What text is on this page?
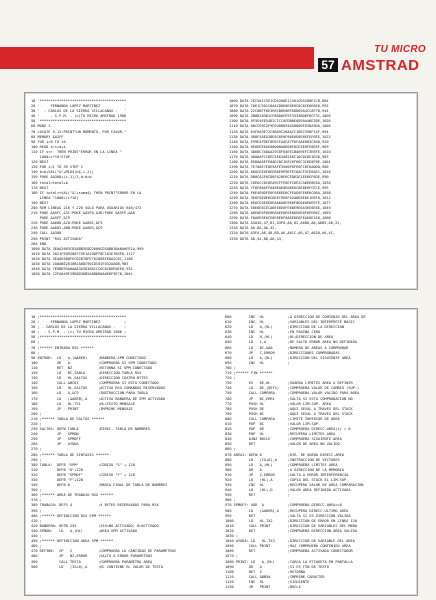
TU MICRO
57 AMSTRAD
10 '****************************************
20 '     FERNANDO LOPEZ MARTINEZ           '
30 '  - CARLOS DE LA SIERRA VILLACANAS -   '
40 '     - S.P.M. - (c)TU MICRO AMSTRAD 1986
50 '****************************************
60 MODE 1
70 LOCATE 9,12:PRINT"UN MOMENTO, POR FAVOR."
80 MEMORY &A2FF
90 FOR i=0 TO 10
100 READ a:s=a+s
110 IF s<>  THEN PRINT"ERROR EN LA LINEA "
1000+i*10:STOP
120 NEXT
130 FOR i=1 TO 39 STEP 2
140 b=b+VAL("&"+MID$(b$,i,2))
150 POKE &A300+(i-1)/2,b:b=b
160 total=total+b
170 NEXT
180 IF total<>VAL("&"+suma$) THEN PRINT"ERROR EN LA
LINEA "1000+(i*10)
190 NEXT
200 REM LINEAS 210 Y 220 SOLO PARA USUARIOS 646/472
210 POKE &A5FC,&3C:POKE &A5FD,&3B:POKE &A5FE,&A6
POKE &A5FF,&C9
220 POKE &A600,&CD:POKE &A601,&F3
230 POKE &A602,&BB:POKE &A603,&C9
240 CALL &A300
250 PRINT "RSX ACTIVADA"
260 END
1000 DATA 3E0A2603CD5ABB3E0D2600CD5ABB1BA6A0FE1A,999
1010 DATA 2821FE092007C5E1A1D0FF0C181E7B3FD,1117
1020 DATA 3EA0E680FECD2878FE702808FE8A2C8C,1188
1030 DATA 2A0ABE2010B2A0DC90CDC01F032AA0B,985
1040 DATA 7EDBD93A0A0A3A3D30ACCC6C6C86E0EE0,932
1050 DATA C2FA049F29D8D36B5A8D6D0A6E6F9E78,1041
1060 DATA 2EC501C5E1CD5200E1C501CD5200E1CB,884
1070 DATA C0E1C501C6A4CD0E0E0E0C6C6CE6E6E6,992
1080 DATA 22C0BFF6E3E6CB6E6BF6DD69A4CCAF7D,944
1090 DATA 2B8D28381CF8DDAFE9F3333BD6F6CF3C,1005
1100 DATA 5F5E4EE54D2C1CCAFDB0E6D9AA46E2BE,1026
1110 DATA 00CCE0C2F9F04D6D94A58800F63DA3DA,1004
1120 DATA 64F6A9E72C5BA9C26AACC1DEC59DF15F,994
1130 DATA 4D8F5AEA38E0C6E6F86E6E6E6EFEF6EE,1022
1140 DATA E99E4FDEF0E6CFAAFA7F6FAAE6D3C500,920
1150 DATA 6E6EEE6AE00000A6D00F8CE3E6FE6E6F,969
1160 DATA 4D60C7A0AA29C8F64EE1BA69EFC3E6FE,1010
1170 DATA 48A6AFCC6EC5E63A82E6C16C0C6E1D36,983
1180 DATA 85D0A0EFE0AD70C1E6C6F66C3C6E0F8E,1001
1190 DATA 7E7A6E7E0E5AFE3500F6FE6FC6F6A0D0,986
1200 DATA 68ACEE0F6EE86E9E9EFEC6ACF3CE6AE1,1016
1210 DATA DB0CA2F6CD6FA20E6CED62E1EE6EF6DE,990
1220 DATA C6E6CC0C6EA9CFFE6EFC6E2CA6EE6E6A,1034
1230 DATA 7F6F06AFF6A9EAE0E06E6C6E8E6FCECE,995
1240 DATA F6E4E6DFE6F0E6EE6CFEAE6FE6E6C06A,1058
1250 DATA 3E6F6E0E6C6EEC9E6FA2A8E6E6E1E6F6,1012
1260 DATA 6E6CE6E6E6EA66A6E9E6F6E6E6E6EEFE,1077
1270 DATA E0E6E6CECA6EE6E6FE66E9E6A3EE6E6E,1049
1280 DATA A6E6E6F6E6E6AEE6E0E06E6E6F6EE66C,1063
1290 DATA F6A6E6E6CE6F6E6F0AEE6E6FEAE6E1E6,1068
1300 DATA A3A3A,47,81,A3F0,A6,82,A6D0,A6,A685,A6,31,
1310 DATA A6,6A,A6,42,
1320 DATA A3FA,A6,48,8D,A6,A61C,A6,A7,A620,A6,4C,
1330 DATA A6,44,8D,A6,43,
10 ;****************************************
20 ;     FERNANDO LOPEZ MARTINEZ           ;
30 ; - CARLOS DE LA SIERRA VILLACANAS -    ;
40 ;  - S.P.M. - (c) TU MICRO AMSTRAD 1986 ;
50 ;****************************************
60 ;
70 ;****** ENTRADA RSX ******
80 ;
90 ENTRAR:  LD   A,(&A6EB)     ;BANDERA SPM CONECTADO
100         OR   A             ;COMPRUEBA SI SPM CONECTADO
110         RET  NZ            ;RETORNA SI SPM CONECTADO
120         LD   BC,TABLA      ;DIRECCION TABLA RSX
130         LD   HL,SALTOS     ;DIRECCION CUATRO BYTES
140         CALL &BCD1         ;COMPRUEBA SI ESTA CONECTADO
150         LD   HL,SALTOS     ;ACTIVA RSX COMANDOS RESERVADOS
160         LD   A,&C9         ;INSTRUCCION PARA TABLA
170         LD   (&A6EB),A     ;ACTIVA BANDERA DE SPM ACTIVADO
180         LD   HL,TX1        ;HL=TEXTO MENSAJE
190         JP   PRINT         ;IMPRIME MENSAJE
200 ;
210 ;****** TABLA DE SALTOS ******
220 ;
230 SALTOS: DEFW TABLA         ;DIREC. TABLA DE NOMBRES
240         JP   SPMON
250         JP   SPMOFF
260         JP   AYUDA
270 ;
280 ;****** TABLA DE SINTAXIS ******
290 ;
300 TABLA:  DEFB "SPM"         ;CODIGO "S" + 128
310         DEFB "O"+128
320         DEFB "SPMOF"       ;CODIGO "F" + 128
330         DEFB "F"+128
340         DEFB 0             ;MARCA FINAL DE TABLA DE NOMBRES
350 ;
360 ;****** AREA DE TRABAJO RSX ******
370 ;
380 TRABAJO: DEFS 4            ;4 BYTES RESERVADOS PARA RSX
390 ;
400 ;****** DEFINICION RSX SPM ******
410 ;
420 BANDERA: DEFB 255          ;255=NO ACTIVADO; 0=ACTIVADO
430 SPMON:   LD   A,(HL)       ;AREA SPM ACTIVADO
440 ;
450 ;****** DEFINICION AREA SPM ******
460 ;
470 DEFINE:  CP   2            ;COMPRUEBA LA CANTIDAD DE PARAMETROS
480          JP   NZ,ERROR     ;SALTA A ERROR PARAMETROS
490          CALL TESTA        ;COMPRUEBA PARAMETRO AREA
500          LD   (IX+0),A     ;HL CONTIENE EL VALOR DE TESTA
600        INC  HL           ;A DIRECCION DE COMIENZO DEL AREA DE
610        INC  HL           ;VARIABLES DEL INTERPRETE BASIC
620        LD   A,(HL)       ;DIRECCION DE LA DIRECCION
630        INC  HL           ;EN PAGINA CERO
640        LD   H,(HL)       ;HL=DIRECCION DE AREA
650        LD   L,A          ;DE SALTO ERROR AREA NO DEFINIDA
660        LD   BC,&A6       ;NUMERO DE AREAS A COMPROBAR
670        JP   C,ERROR      ;DIRECCIONES COMPROBADAS
680        LD   A,(HL)       ;DIRECCION DEL SIGUIENTE AREA
690        INC  HL           ;
700 ;
710 ;****** FIN ******
720 ;
730        EX   DE,HL        ;GUARDA LIMITES AREA A DEFINIR
740        LD   DE,(DEF1)    ;COMPRUEBA VALOR DE CAMBIO (SUP.)
750        CALL COMPARA      ;COMPRUEBA VALOR VALIDO PARA AREA
760        JP   NC,ERR1      ;SALTA SI ESTA COMPROBACION NO
770        PUSH HL           ;VALOR LIM.SUP. AREA
780        PUSH DE           ;AQUI SEVAL A TRAVES DEL STACK
790        PUSH BC           ;AQUI SEVAL A TRAVES DEL STACK
800        CALL COMPARA      ;LIMITE INFERIOR DE AREA
810        POP  BC           ;VALOR LIM.SUP.
820        POP  DE           ;COMPRUEBA DIRECC.AREA(i) = 0
830        POP  HL           ;RECUPERA LIMITES AREA
840        DJNZ BUCLE        ;COMPRUEBA SIGUIENTE AREA
850        RET               ;VALOR DE AREA NO VALIDO
860 ;
870 AREA1: DEFW 0            ;DIR. DE QUEDA DIRECC.AREA
880        LD   (IX+0),A     ;INSTRUCCION DE VECTORES
890        LD   A,(HL)       ;COMPRUEBA LIMITES AREA
900        OR   A            ;A DIRECCION DE LA MEMORIA
910        JP   Z,ERROR      ;SALTA A ERROR INTERFERENCIA
920        LD   (HL),A       ;COPIA DEL STACK EL LIM.SUP.
930        INC  HL           ;RECUPERA VALOR DE AREA COMPARACION
940        LD   (HL),D       ;VALOR AREA DEFINIDA ACTIVADA
950        RET               ;
960 ;
970 SPMOFF: XOR  A           ;COMPRUEBA DIRECC.AREA<=0
980        LD   (&A6EB),A    ;RECUPERA DIRECC.ULTIMO AREA
990        RET               ;SALTA SI ES DIRECCION VALIDA
1000       LD   HL,TX2       ;DIRECCION DE ERROR EN LINEA 120
1010       CALL PRINT        ;DIRECCION DE VARIABLES DEL MENU
1020       RET               ;COMPRUEBA DIRECCION AREA VALIDA
1030 ;
1040 AYUDA: LD   HL,TX3      ;DIRECCION DE VARIABLE DEL AREA
1050       CALL PRINT        ;HAZ COMPRUEBA CONTENIDO AREA
1060       RET               ;COMPRUEBA ACTIVADO CONECTADOR
1070 ;
1080 PRINT: LD   A,(HL)      ;CARGA LA ETIQUETA EN PANTALLA
1090       OR   A            ;SI ES FIN DE TEXTO
1100       RET  Z            ;RETORNA
1110       CALL &BB5A        ;IMPRIME CARACTER
1120       INC  HL           ;SIGUIENTE
1130       JR   PRINT        ;BUCLE
